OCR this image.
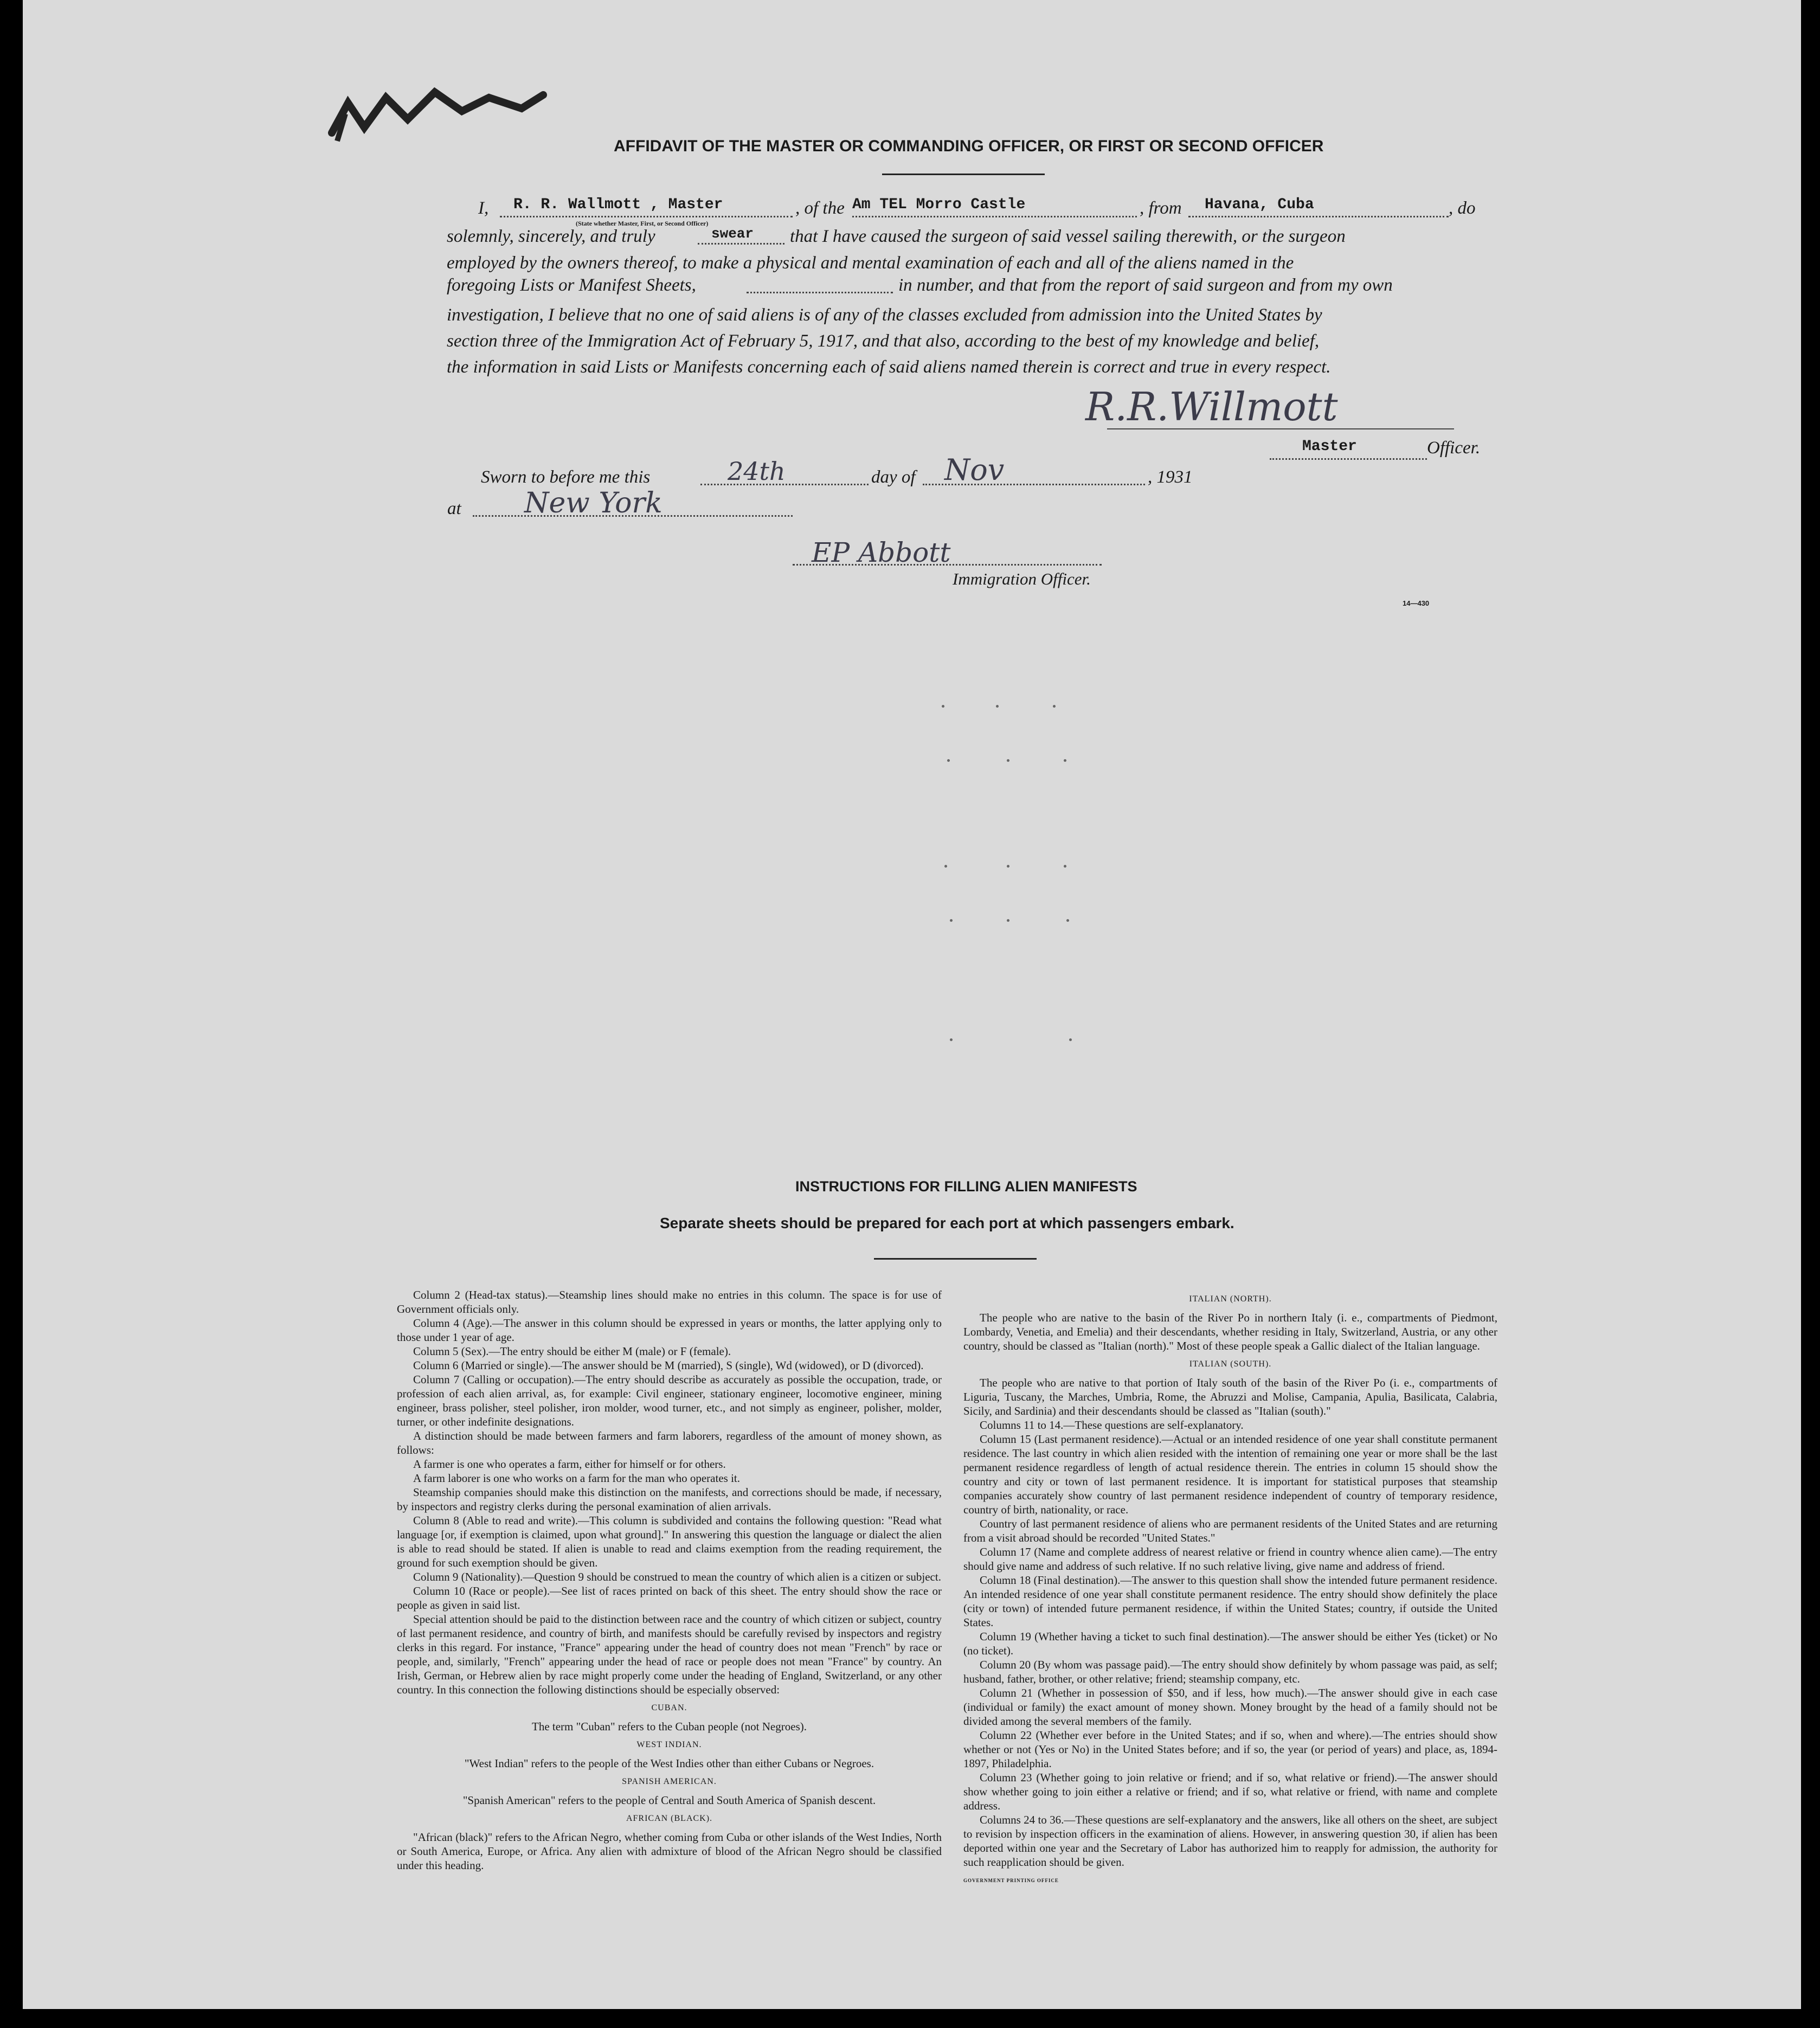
AFFIDAVIT OF THE MASTER OR COMMANDING OFFICER, OR FIRST OR SECOND OFFICER
I, R. R. Wallmott , Master
(State whether Master, First, or Second Officer)
, of the Am TEL Morro Castle	, from Havana, Cuba	, do
solemnly, sincerely, and truly	swear that I have caused the surgeon of said vessel sailing therewith, or the surgeon
employed by the owners thereof, to make a physical and mental examination of each and all of the aliens named in the
foregoing Lists or Manifest Sheets,	in number, and that from the report of said surgeon and from my own
investigation, I believe that no one of said aliens is of any of the classes excluded from admission into the United States by
section three of the Immigration Act of February 5, 1917, and that also, according to the best of my knowledge and belief,
the information in said Lists or Manifests concerning each of said aliens named therein is correct and true in every respect.
R.R.Willmott
Master	Officer.
Sworn to before me this	24th	day of Nov	, 1931
at New York
EP Abbott
Immigration Officer.
14—430
INSTRUCTIONS FOR FILLING ALIEN MANIFESTS
Separate sheets should be prepared for each port at which passengers embark.

Column 2 (Head-tax status).—Steamship lines should make no entries in this column. The space is for use of Government officials only.

Column 4 (Age).—The answer in this column should be expressed in years or months, the latter applying only to those under 1 year of age.

Column 5 (Sex).—The entry should be either M (male) or F (female).

Column 6 (Married or single).—The answer should be M (married), S (single), Wd (widowed), or D (divorced).

Column 7 (Calling or occupation).—The entry should describe as accurately as possible the occupation, trade, or profession of each alien arrival, as, for example: Civil engineer, stationary engineer, locomotive engineer, mining engineer, brass polisher, steel polisher, iron molder, wood turner, etc., and not simply as engineer, polisher, molder, turner, or other indefinite designations.

A distinction should be made between farmers and farm laborers, regardless of the amount of money shown, as follows:

A farmer is one who operates a farm, either for himself or for others.

A farm laborer is one who works on a farm for the man who operates it.

Steamship companies should make this distinction on the manifests, and corrections should be made, if necessary, by inspectors and registry clerks during the personal examination of alien arrivals.

Column 8 (Able to read and write).—This column is subdivided and contains the following question: "Read what language [or, if exemption is claimed, upon what ground]." In answering this question the language or dialect the alien is able to read should be stated. If alien is unable to read and claims exemption from the reading requirement, the ground for such exemption should be given.

Column 9 (Nationality).—Question 9 should be construed to mean the country of which alien is a citizen or subject.

Column 10 (Race or people).—See list of races printed on back of this sheet. The entry should show the race or people as given in said list.

Special attention should be paid to the distinction between race and the country of which citizen or subject, country of last permanent residence, and country of birth, and manifests should be carefully revised by inspectors and registry clerks in this regard. For instance, "France" appearing under the head of country does not mean "French" by race or people, and, similarly, "French" appearing under the head of race or people does not mean "France" by country. An Irish, German, or Hebrew alien by race might properly come under the heading of England, Switzerland, or any other country. In this connection the following distinctions should be especially observed:

CUBAN.

The term "Cuban" refers to the Cuban people (not Negroes).

WEST INDIAN.

"West Indian" refers to the people of the West Indies other than either Cubans or Negroes.

SPANISH AMERICAN.

"Spanish American" refers to the people of Central and South America of Spanish descent.

AFRICAN (BLACK).

"African (black)" refers to the African Negro, whether coming from Cuba or other islands of the West Indies, North or South America, Europe, or Africa. Any alien with admixture of blood of the African Negro should be classified under this heading.

ITALIAN (NORTH).

The people who are native to the basin of the River Po in northern Italy (i. e., compartments of Piedmont, Lombardy, Venetia, and Emelia) and their descendants, whether residing in Italy, Switzerland, Austria, or any other country, should be classed as "Italian (north)." Most of these people speak a Gallic dialect of the Italian language.

ITALIAN (SOUTH).

The people who are native to that portion of Italy south of the basin of the River Po (i. e., compartments of Liguria, Tuscany, the Marches, Umbria, Rome, the Abruzzi and Molise, Campania, Apulia, Basilicata, Calabria, Sicily, and Sardinia) and their descendants should be classed as "Italian (south)."

Columns 11 to 14.—These questions are self-explanatory.

Column 15 (Last permanent residence).—Actual or an intended residence of one year shall constitute permanent residence. The last country in which alien resided with the intention of remaining one year or more shall be the last permanent residence regardless of length of actual residence therein. The entries in column 15 should show the country and city or town of last permanent residence. It is important for statistical purposes that steamship companies accurately show country of last permanent residence independent of country of temporary residence, country of birth, nationality, or race.

Country of last permanent residence of aliens who are permanent residents of the United States and are returning from a visit abroad should be recorded "United States."

Column 17 (Name and complete address of nearest relative or friend in country whence alien came).—The entry should give name and address of such relative. If no such relative living, give name and address of friend.

Column 18 (Final destination).—The answer to this question shall show the intended future permanent residence. An intended residence of one year shall constitute permanent residence. The entry should show definitely the place (city or town) of intended future permanent residence, if within the United States; country, if outside the United States.

Column 19 (Whether having a ticket to such final destination).—The answer should be either Yes (ticket) or No (no ticket).

Column 20 (By whom was passage paid).—The entry should show definitely by whom passage was paid, as self; husband, father, brother, or other relative; friend; steamship company, etc.

Column 21 (Whether in possession of $50, and if less, how much).—The answer should give in each case (individual or family) the exact amount of money shown. Money brought by the head of a family should not be divided among the several members of the family.

Column 22 (Whether ever before in the United States; and if so, when and where).—The entries should show whether or not (Yes or No) in the United States before; and if so, the year (or period of years) and place, as, 1894-1897, Philadelphia.

Column 23 (Whether going to join relative or friend; and if so, what relative or friend).—The answer should show whether going to join either a relative or friend; and if so, what relative or friend, with name and complete address.

Columns 24 to 36.—These questions are self-explanatory and the answers, like all others on the sheet, are subject to revision by inspection officers in the examination of aliens. However, in answering question 30, if alien has been deported within one year and the Secretary of Labor has authorized him to reapply for admission, the authority for such reapplication should be given.

GOVERNMENT PRINTING OFFICE
